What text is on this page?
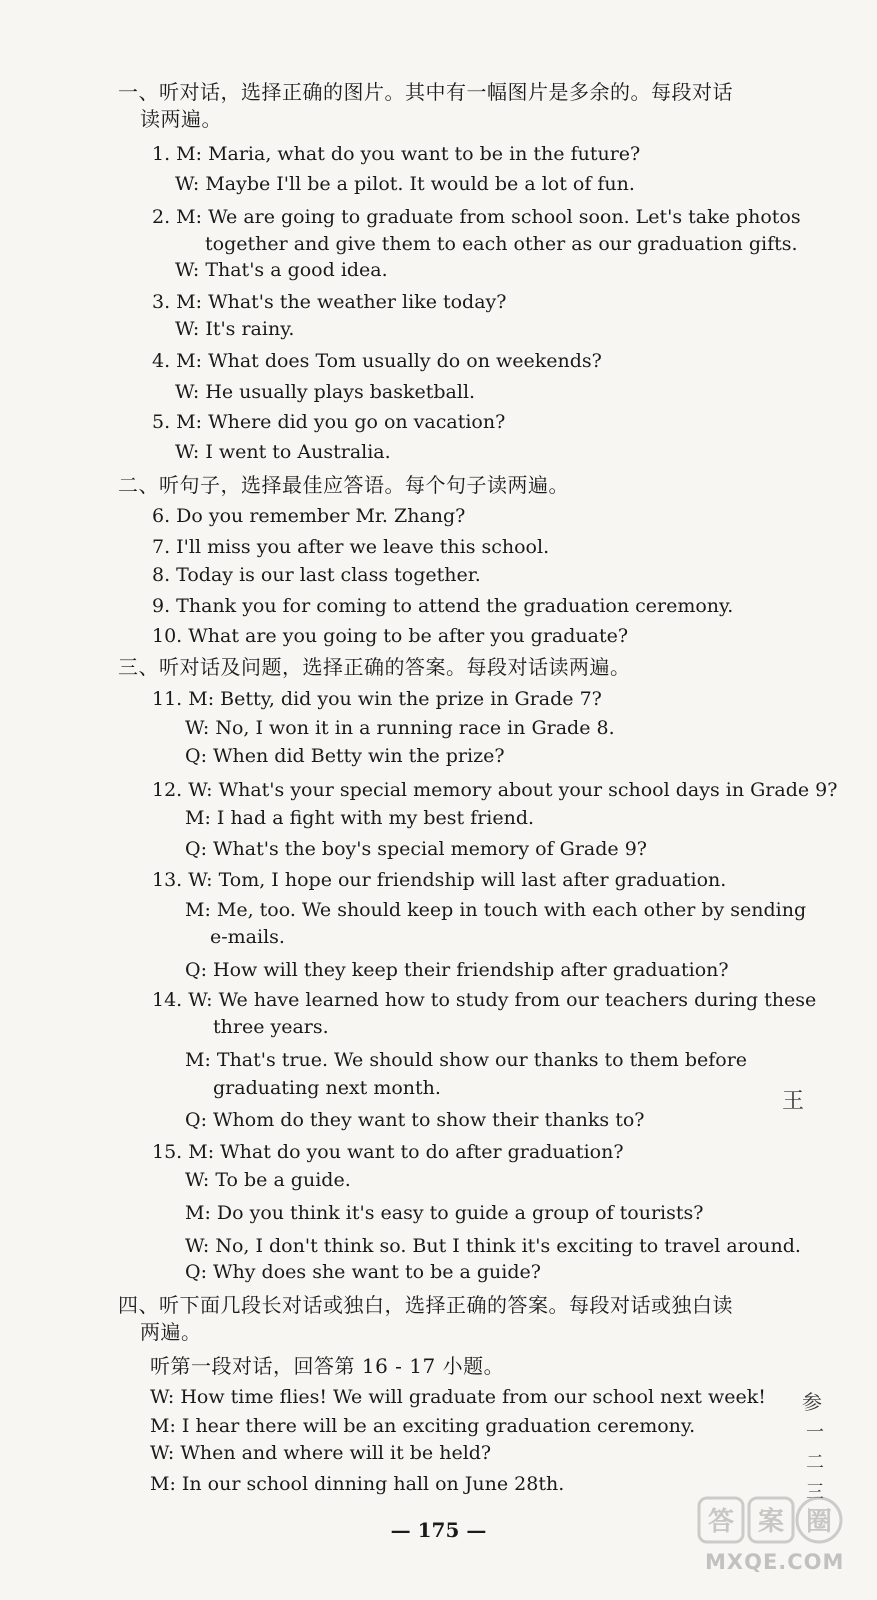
一、听对话，选择正确的图片。其中有一幅图片是多余的。每段对话
读两遍。
1. M: Maria, what do you want to be in the future?
W: Maybe I'll be a pilot. It would be a lot of fun.
2. M: We are going to graduate from school soon. Let's take photos
together and give them to each other as our graduation gifts.
W: That's a good idea.
3. M: What's the weather like today?
W: It's rainy.
4. M: What does Tom usually do on weekends?
W: He usually plays basketball.
5. M: Where did you go on vacation?
W: I went to Australia.
二、听句子，选择最佳应答语。每个句子读两遍。
6. Do you remember Mr. Zhang?
7. I'll miss you after we leave this school.
8. Today is our last class together.
9. Thank you for coming to attend the graduation ceremony.
10. What are you going to be after you graduate?
三、听对话及问题，选择正确的答案。每段对话读两遍。
11. M: Betty, did you win the prize in Grade 7?
W: No, I won it in a running race in Grade 8.
Q: When did Betty win the prize?
12. W: What's your special memory about your school days in Grade 9?
M: I had a fight with my best friend.
Q: What's the boy's special memory of Grade 9?
13. W: Tom, I hope our friendship will last after graduation.
M: Me, too. We should keep in touch with each other by sending
e-mails.
Q: How will they keep their friendship after graduation?
14. W: We have learned how to study from our teachers during these
three years.
M: That's true. We should show our thanks to them before
graduating next month.
Q: Whom do they want to show their thanks to?
15. M: What do you want to do after graduation?
W: To be a guide.
M: Do you think it's easy to guide a group of tourists?
W: No, I don't think so. But I think it's exciting to travel around.
Q: Why does she want to be a guide?
四、听下面几段长对话或独白，选择正确的答案。每段对话或独白读
两遍。
听第一段对话，回答第 16 - 17 小题。
W: How time flies! We will graduate from our school next week!
M: I hear there will be an exciting graduation ceremony.
W: When and where will it be held?
M: In our school dinning hall on June 28th.
— 175 —
王
参
一
二
三
答 案 圈
MXQE.COM
